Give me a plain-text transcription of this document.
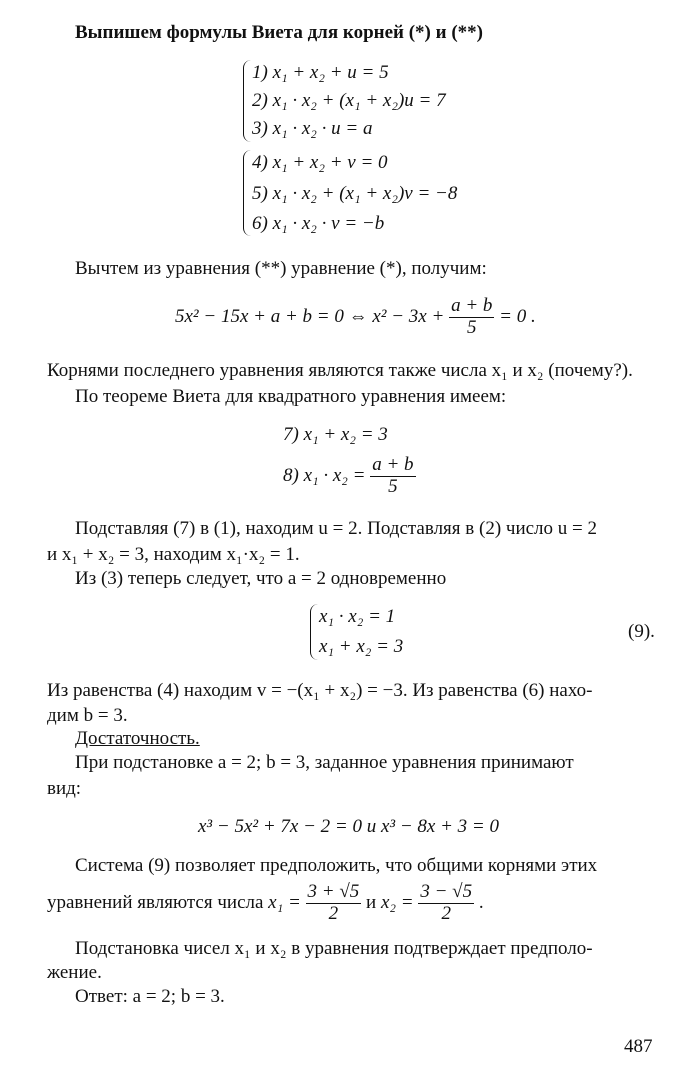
Выпишем формулы Виета для корней (*) и (**)
1) x₁ + x₂ + u = 5
2) x₁ · x₂ + (x₁ + x₂)u = 7
3) x₁ · x₂ · u = a
4) x₁ + x₂ + v = 0
5) x₁ · x₂ + (x₁ + x₂)v = −8
6) x₁ · x₂ · v = −b
Вычтем из уравнения (**) уравнение (*), получим:
5x² − 15x + a + b = 0 ⇔ $x^2 - 3x + \frac{a + b}{5} = 0$ .
Корнями последнего уравнения являются также числа x₁ и x₂ (почему?).
По теореме Виета для квадратного уравнения имеем:
7) x₁ + x₂ = 3
8) $x_1 \cdot x_2 = \frac{a + b}{5}$
Подставляя (7) в (1), находим u = 2. Подставляя в (2) число u = 2
и x₁ + x₂ = 3, находим x₁·x₂ = 1.
Из (3) теперь следует, что a = 2 одновременно
x₁ · x₂ = 1
x₁ + x₂ = 3
(9).
Из равенства (4) находим v = −(x₁ + x₂) = −3. Из равенства (6) нахо-
дим b = 3.
Достаточность.
При подстановке a = 2; b = 3, заданное уравнения принимают
вид:
x³ − 5x² + 7x − 2 = 0 и x³ − 8x + 3 = 0
Система (9) позволяет предположить, что общими корнями этих
уравнений являются числа $x_1 = \frac{3 + √5}{2}$ и $x_2 = \frac{3 - √5}{2}$ .
Подстановка чисел x₁ и x₂ в уравнения подтверждает предполо-
жение.
Ответ: a = 2; b = 3.
487
